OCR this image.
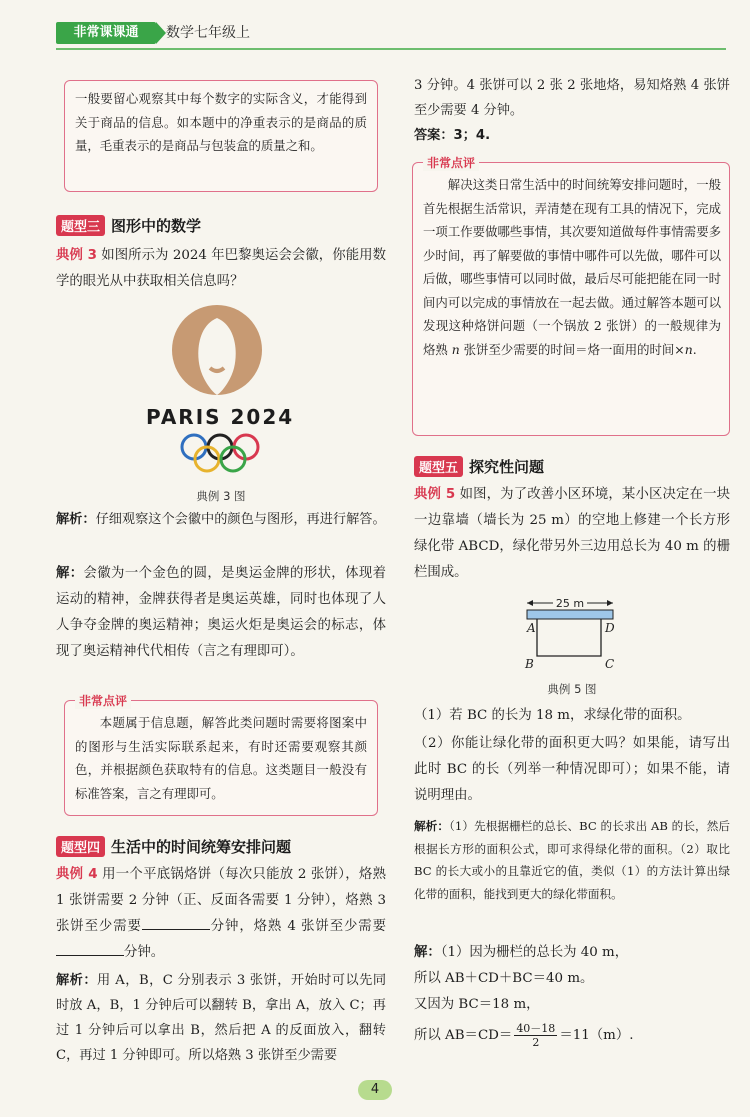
非常课课通	数学七年级上
一般要留心观察其中每个数字的实际含义，才能得到关于商品的信息。如本题中的净重表示的是商品的质量，毛重表示的是商品与包装盒的质量之和。
题型三 图形中的数学
典例 3 如图所示为 2024 年巴黎奥运会会徽，你能用数学的眼光从中获取相关信息吗？
PARIS 2024
典例 3 图
解析：仔细观察这个会徽中的颜色与图形，再进行解答。
解：会徽为一个金色的圆，是奥运金牌的形状，体现着运动的精神，金牌获得者是奥运英雄，同时也体现了人人争夺金牌的奥运精神；奥运火炬是奥运会的标志，体现了奥运精神代代相传（言之有理即可）。
非常点评
本题属于信息题，解答此类问题时需要将图案中的图形与生活实际联系起来，有时还需要观察其颜色，并根据颜色获取特有的信息。这类题目一般没有标准答案，言之有理即可。
题型四 生活中的时间统筹安排问题
典例 4 用一个平底锅烙饼（每次只能放 2 张饼），烙熟 1 张饼需要 2 分钟（正、反面各需要 1 分钟），烙熟 3 张饼至少需要	分钟，烙熟 4 张饼至少需要分钟。
解析：用 A，B，C 分别表示 3 张饼，开始时可以先同时放 A，B，1 分钟后可以翻转 B，拿出 A，放入 C；再过 1 分钟后可以拿出 B，然后把 A 的反面放入，翻转 C，再过 1 分钟即可。所以烙熟 3 张饼至少需要
3 分钟。4 张饼可以 2 张 2 张地烙，易知烙熟 4 张饼至少需要 4 分钟。
答案：3；4.
非常点评
解决这类日常生活中的时间统筹安排问题时，一般首先根据生活常识，弄清楚在现有工具的情况下，完成一项工作要做哪些事情，其次要知道做每件事情需要多少时间，再了解要做的事情中哪件可以先做，哪件可以后做，哪些事情可以同时做，最后尽可能把能在同一时间内可以完成的事情放在一起去做。通过解答本题可以发现这种烙饼问题（一个锅放 2 张饼）的一般规律为烙熟 n 张饼至少需要的时间＝烙一面用的时间×n.
题型五 探究性问题
典例 5 如图，为了改善小区环境，某小区决定在一块一边靠墙（墙长为 25 m）的空地上修建一个长方形绿化带 ABCD，绿化带另外三边用总长为 40 m 的栅栏围成。
25 m
A	D
B	C
典例 5 图
（1）若 BC 的长为 18 m，求绿化带的面积。
（2）你能让绿化带的面积更大吗？如果能，请写出此时 BC 的长（列举一种情况即可）；如果不能，请说明理由。
解析：（1）先根据栅栏的总长、BC 的长求出 AB 的长，然后根据长方形的面积公式，即可求得绿化带的面积。（2）取比 BC 的长大或小的且靠近它的值，类似（1）的方法计算出绿化带的面积，能找到更大的绿化带面积。
解：（1）因为栅栏的总长为 40 m，
所以 AB＋CD＋BC＝40 m。
又因为 BC＝18 m，
所以 $AB=CD= \frac{40-18}{2} =11(m)$.
4
